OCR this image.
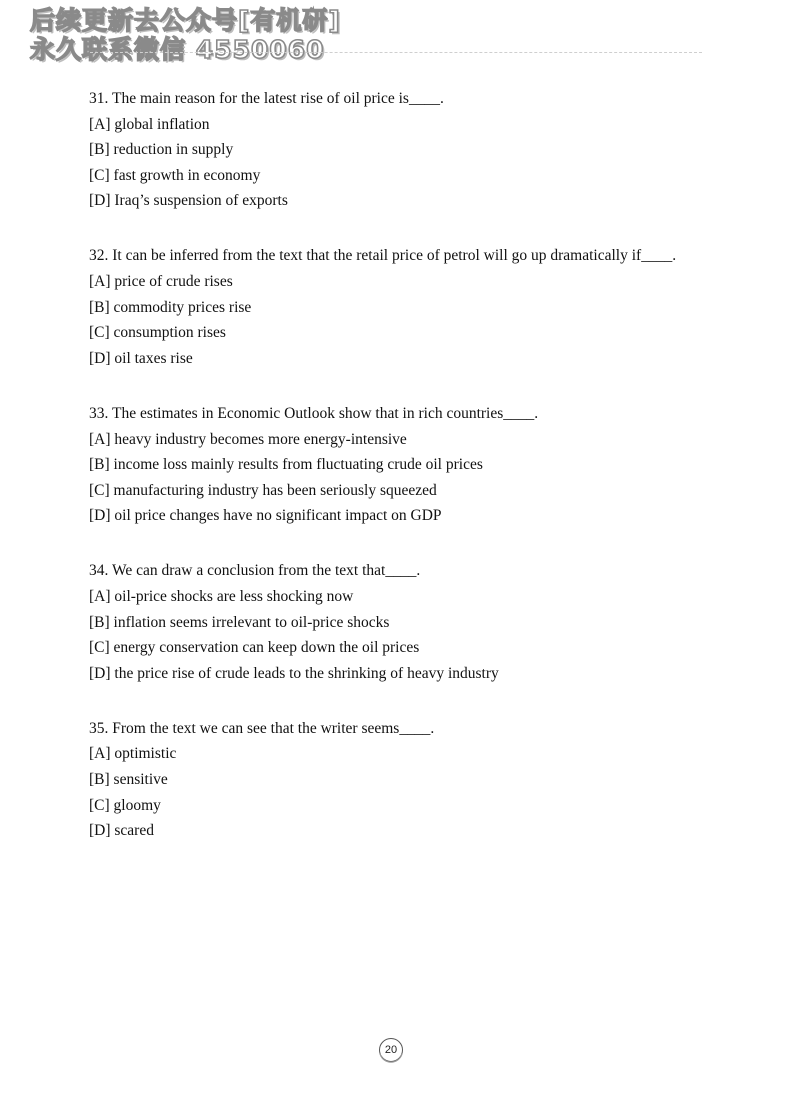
后续更新去公众号[有机研]
永久联系微信 4550060
31. The main reason for the latest rise of oil price is____.
[A] global inflation
[B] reduction in supply
[C] fast growth in economy
[D] Iraq’s suspension of exports
32. It can be inferred from the text that the retail price of petrol will go up dramatically if____.
[A] price of crude rises
[B] commodity prices rise
[C] consumption rises
[D] oil taxes rise
33. The estimates in Economic Outlook show that in rich countries____.
[A] heavy industry becomes more energy-intensive
[B] income loss mainly results from fluctuating crude oil prices
[C] manufacturing industry has been seriously squeezed
[D] oil price changes have no significant impact on GDP
34. We can draw a conclusion from the text that____.
[A] oil-price shocks are less shocking now
[B] inflation seems irrelevant to oil-price shocks
[C] energy conservation can keep down the oil prices
[D] the price rise of crude leads to the shrinking of heavy industry
35. From the text we can see that the writer seems____.
[A] optimistic
[B] sensitive
[C] gloomy
[D] scared
20
